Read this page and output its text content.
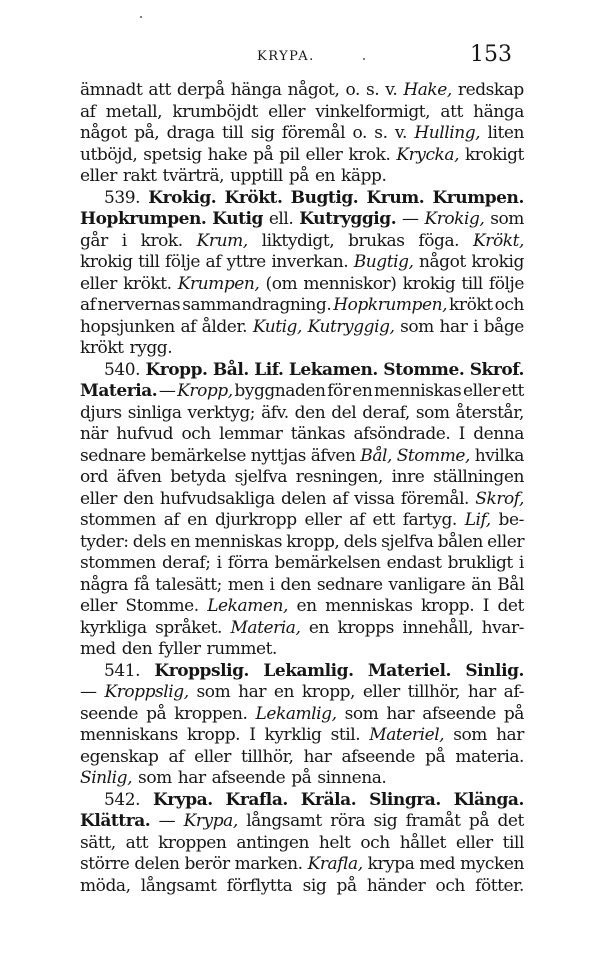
KRYPA.	153
ämnadt att derpå hänga något, o. s. v. Hake, redskap
af metall, krumböjdt eller vinkelformigt, att hänga
något på, draga till sig föremål o. s. v. Hulling, liten
utböjd, spetsig hake på pil eller krok. Krycka, krokigt
eller rakt tvärträ, upptill på en käpp.
539. Krokig. Krökt. Bugtig. Krum. Krumpen.
Hopkrumpen. Kutig ell. Kutryggig. — Krokig, som
går i krok. Krum, liktydigt, brukas föga. Krökt,
krokig till följe af yttre inverkan. Bugtig, något krokig
eller krökt. Krumpen, (om menniskor) krokig till följe
af nervernas sammandragning. Hopkrumpen, krökt och
hopsjunken af ålder. Kutig, Kutryggig, som har i båge
krökt rygg.
540. Kropp. Bål. Lif. Lekamen. Stomme. Skrof.
Materia. — Kropp, byggnaden för en menniskas eller ett
djurs sinliga verktyg; äfv. den del deraf, som återstår,
när hufvud och lemmar tänkas afsöndrade. I denna
sednare bemärkelse nyttjas äfven Bål, Stomme, hvilka
ord äfven betyda sjelfva resningen, inre ställningen
eller den hufvudsakliga delen af vissa föremål. Skrof,
stommen af en djurkropp eller af ett fartyg. Lif, be-
tyder: dels en menniskas kropp, dels sjelfva bålen eller
stommen deraf; i förra bemärkelsen endast brukligt i
några få talesätt; men i den sednare vanligare än Bål
eller Stomme. Lekamen, en menniskas kropp. I det
kyrkliga språket. Materia, en kropps innehåll, hvar-
med den fyller rummet.
541. Kroppslig. Lekamlig. Materiel. Sinlig.
— Kroppslig, som har en kropp, eller tillhör, har af-
seende på kroppen. Lekamlig, som har afseende på
menniskans kropp. I kyrklig stil. Materiel, som har
egenskap af eller tillhör, har afseende på materia.
Sinlig, som har afseende på sinnena.
542. Krypa. Krafla. Kräla. Slingra. Klänga.
Klättra. — Krypa, långsamt röra sig framåt på det
sätt, att kroppen antingen helt och hållet eller till
större delen berör marken. Krafla, krypa med mycken
möda, långsamt förflytta sig på händer och fötter.
